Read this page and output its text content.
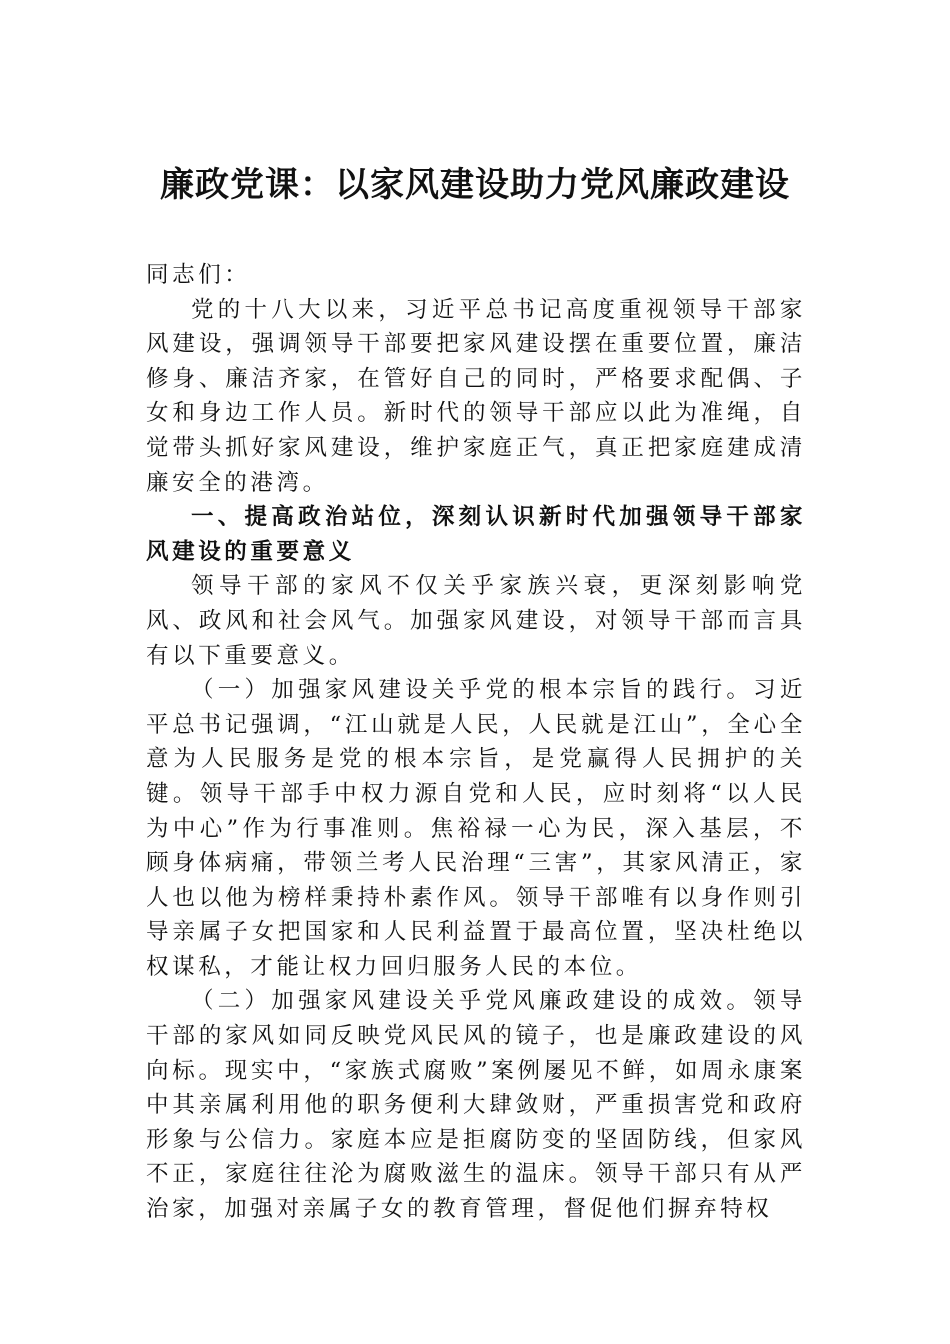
廉政党课：以家风建设助力党风廉政建设

同志们：

党的十八大以来，习近平总书记高度重视领导干部家风建设，强调领导干部要把家风建设摆在重要位置，廉洁修身、廉洁齐家，在管好自己的同时，严格要求配偶、子女和身边工作人员。新时代的领导干部应以此为准绳，自觉带头抓好家风建设，维护家庭正气，真正把家庭建成清廉安全的港湾。

一、提高政治站位，深刻认识新时代加强领导干部家风建设的重要意义

领导干部的家风不仅关乎家族兴衰，更深刻影响党风、政风和社会风气。加强家风建设，对领导干部而言具有以下重要意义。

（一）加强家风建设关乎党的根本宗旨的践行。习近平总书记强调，“江山就是人民，人民就是江山”，全心全意为人民服务是党的根本宗旨，是党赢得人民拥护的关键。领导干部手中权力源自党和人民，应时刻将“以人民为中心”作为行事准则。焦裕禄一心为民，深入基层，不顾身体病痛，带领兰考人民治理“三害”，其家风清正，家人也以他为榜样秉持朴素作风。领导干部唯有以身作则引导亲属子女把国家和人民利益置于最高位置，坚决杜绝以权谋私，才能让权力回归服务人民的本位。

（二）加强家风建设关乎党风廉政建设的成效。领导干部的家风如同反映党风民风的镜子，也是廉政建设的风向标。现实中，“家族式腐败”案例屡见不鲜，如周永康案中其亲属利用他的职务便利大肆敛财，严重损害党和政府形象与公信力。家庭本应是拒腐防变的坚固防线，但家风不正，家庭往往沦为腐败滋生的温床。领导干部只有从严治家，加强对亲属子女的教育管理，督促他们摒弃特权
